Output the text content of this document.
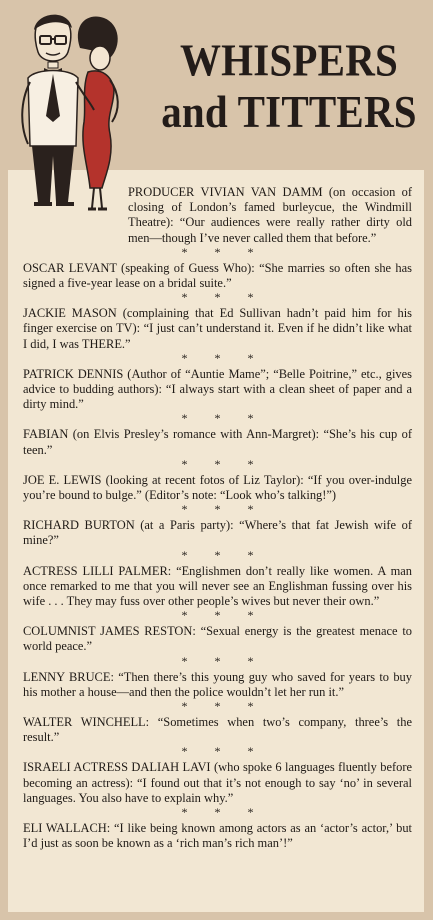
WHISPERS
and TITTERS

PRODUCER VIVIAN VAN DAMM (on occasion of closing of London’s famed burleycue, the Windmill Theatre): “Our audiences were really rather dirty old men—though I’ve never called them that before.”

* * *

OSCAR LEVANT (speaking of Guess Who): “She marries so often she has signed a five-year lease on a bridal suite.”

* * *

JACKIE MASON (complaining that Ed Sullivan hadn’t paid him for his finger exercise on TV): “I just can’t understand it. Even if he didn’t like what I did, I was THERE.”

* * *

PATRICK DENNIS (Author of “Auntie Mame”; “Belle Poitrine,” etc., gives advice to budding authors): “I always start with a clean sheet of paper and a dirty mind.”

* * *

FABIAN (on Elvis Presley’s romance with Ann-Margret): “She’s his cup of teen.”

* * *

JOE E. LEWIS (looking at recent fotos of Liz Taylor): “If you over-indulge you’re bound to bulge.” (Editor’s note: “Look who’s talking!”)

* * *

RICHARD BURTON (at a Paris party): “Where’s that fat Jewish wife of mine?”

* * *

ACTRESS LILLI PALMER: “Englishmen don’t really like women. A man once remarked to me that you will never see an Englishman fussing over his wife . . . They may fuss over other people’s wives but never their own.”

* * *

COLUMNIST JAMES RESTON: “Sexual energy is the greatest menace to world peace.”

* * *

LENNY BRUCE: “Then there’s this young guy who saved for years to buy his mother a house—and then the police wouldn’t let her run it.”

* * *

WALTER WINCHELL: “Sometimes when two’s company, three’s the result.”

* * *

ISRAELI ACTRESS DALIAH LAVI (who spoke 6 languages fluently before becoming an actress): “I found out that it’s not enough to say ‘no’ in several languages. You also have to explain why.”

* * *

ELI WALLACH: “I like being known among actors as an ‘actor’s actor,’ but I’d just as soon be known as a ‘rich man’s rich man’!”
